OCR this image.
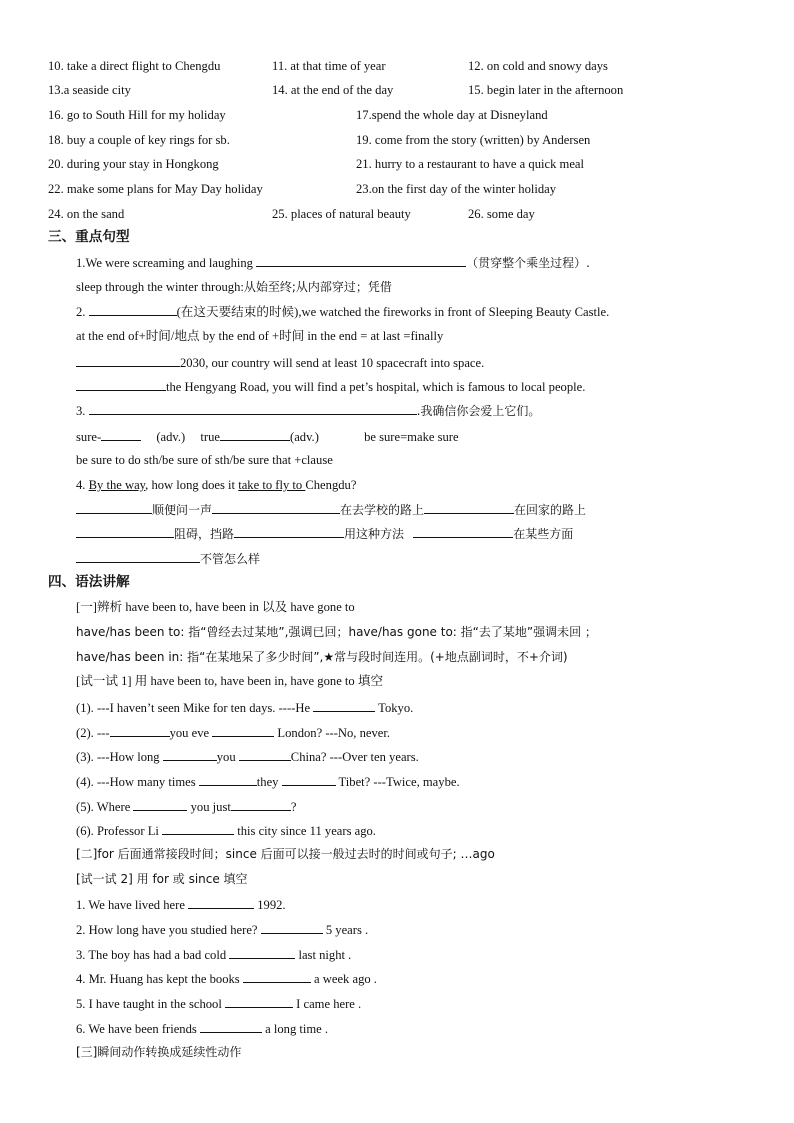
10. take a direct flight to Chengdu	11. at that time of year	12. on cold and snowy days
13.a seaside city	14. at the end of the day	15. begin later in the afternoon
16. go to South Hill for my holiday	17.spend the whole day at Disneyland
18. buy a couple of key rings for sb.	19. come from the story (written) by Andersen
20. during your stay in Hongkong	21. hurry to a restaurant to have a quick meal
22. make some plans for May Day holiday	23.on the first day of the winter holiday
24. on the sand	25. places of natural beauty	26. some day
三、重点句型
1.We were screaming and laughing	（贯穿整个乘坐过程）.
sleep through the winter through:从始至终;从内部穿过；凭借
2.	(在这天要结束的时候),we watched the fireworks in front of Sleeping Beauty Castle.
at the end of+时间/地点 by the end of +时间 in the end = at last =finally
2030, our country will send at least 10 spacecraft into space.
the Hengyang Road, you will find a pet’s hospital, which is famous to local people.
3.	.我确信你会爱上它们。
sure-	(adv.) true	(adv.)	be sure=make sure
be sure to do sth/be sure of sth/be sure that +clause
4. By the way, how long does it take to fly to Chengdu?
顺便问一声	在去学校的路上	在回家的路上
阻碍，挡路	用这种方法	在某些方面
不管怎么样
四、语法讲解
[一]辨析 have been to, have been in 以及 have gone to
have/has been to: 指“曾经去过某地”,强调已回；have/has gone to: 指“去了某地”强调未回 ；
have/has been in: 指“在某地呆了多少时间”,★常与段时间连用。(+地点副词时，不+介词)
[试一试 1] 用 have been to, have been in, have gone to 填空
(1). ---I haven’t seen Mike for ten days. ----He	Tokyo.
(2). ---	you eve	London? ---No, never.
(3). ---How long	you	China? ---Over ten years.
(4). ---How many times	they	Tibet? ---Twice, maybe.
(5). Where	you just	?
(6). Professor Li	this city since 11 years ago.
[二]for 后面通常接段时间；since 后面可以接一般过去时的时间或句子; …ago
[试一试 2] 用 for 或 since 填空
1. We have lived here	1992.
2. How long have you studied here?	5 years .
3. The boy has had a bad cold	last night .
4. Mr. Huang has kept the books	a week ago .
5. I have taught in the school	I came here .
6. We have been friends	a long time .
[三]瞬间动作转换成延续性动作
